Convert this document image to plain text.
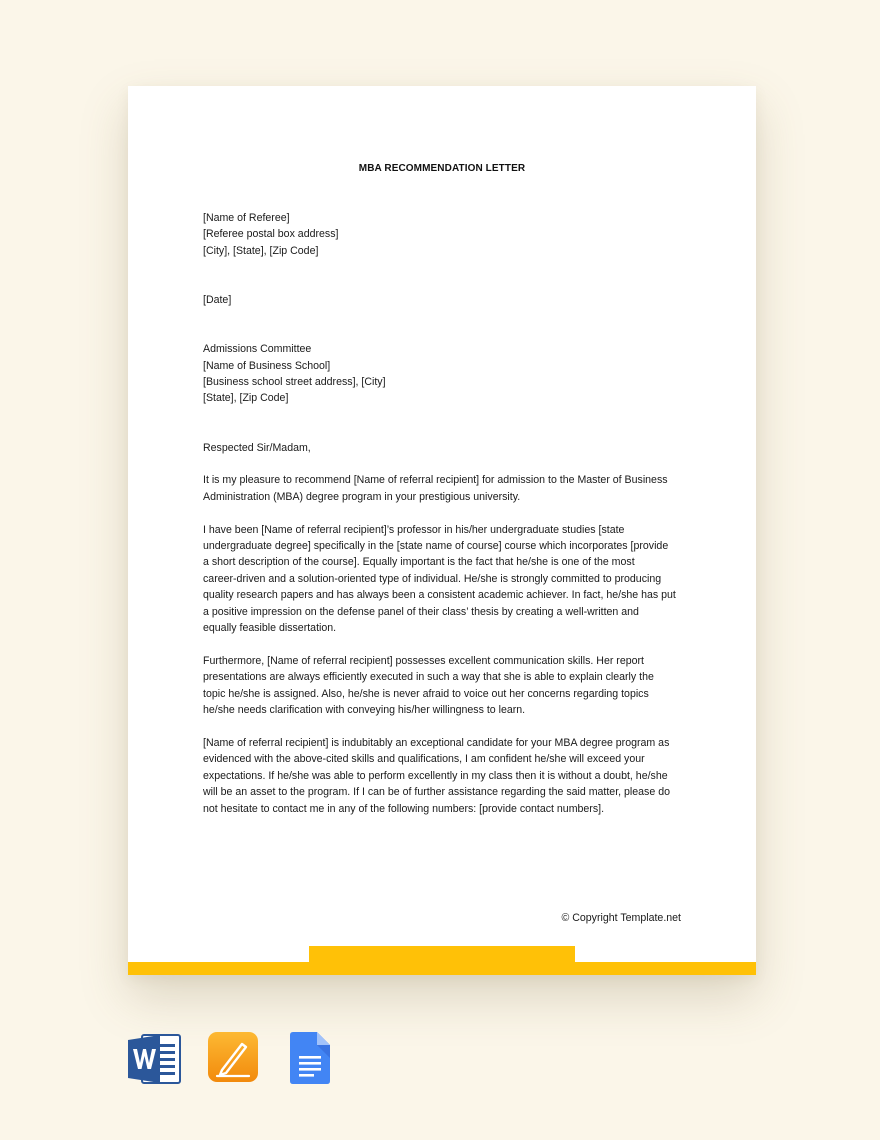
MBA RECOMMENDATION LETTER
[Name of Referee]
[Referee postal box address]
[City], [State], [Zip Code]
[Date]
Admissions Committee
[Name of Business School]
[Business school street address], [City]
[State], [Zip Code]
Respected Sir/Madam,
It is my pleasure to recommend [Name of referral recipient] for admission to the Master of Business
Administration (MBA) degree program in your prestigious university.
I have been [Name of referral recipient]’s professor in his/her undergraduate studies [state
undergraduate degree] specifically in the [state name of course] course which incorporates [provide
a short description of the course]. Equally important is the fact that he/she is one of the most
career-driven and a solution-oriented type of individual. He/she is strongly committed to producing
quality research papers and has always been a consistent academic achiever. In fact, he/she has put
a positive impression on the defense panel of their class’ thesis by creating a well-written and
equally feasible dissertation.
Furthermore, [Name of referral recipient] possesses excellent communication skills. Her report
presentations are always efficiently executed in such a way that she is able to explain clearly the
topic he/she is assigned. Also, he/she is never afraid to voice out her concerns regarding topics
he/she needs clarification with conveying his/her willingness to learn.
[Name of referral recipient] is indubitably an exceptional candidate for your MBA degree program as
evidenced with the above-cited skills and qualifications, I am confident he/she will exceed your
expectations. If he/she was able to perform excellently in my class then it is without a doubt, he/she
will be an asset to the program. If I can be of further assistance regarding the said matter, please do
not hesitate to contact me in any of the following numbers: [provide contact numbers].
© Copyright Template.net
